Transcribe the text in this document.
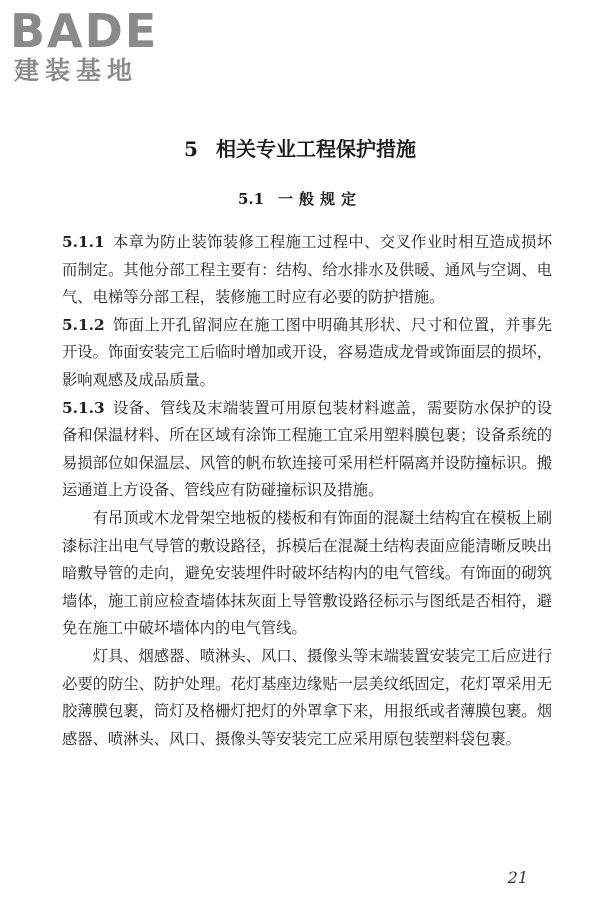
BADE
建装基地
5 相关专业工程保护措施
5.1 一般规定

5.1.1 本章为防止装饰装修工程施工过程中、交叉作业时相互造成损坏而制定。其他分部工程主要有：结构、给水排水及供暖、通风与空调、电气、电梯等分部工程，装修施工时应有必要的防护措施。

5.1.2 饰面上开孔留洞应在施工图中明确其形状、尺寸和位置，并事先开设。饰面安装完工后临时增加或开设，容易造成龙骨或饰面层的损坏，影响观感及成品质量。

5.1.3 设备、管线及末端装置可用原包装材料遮盖，需要防水保护的设备和保温材料、所在区域有涂饰工程施工宜采用塑料膜包裹；设备系统的易损部位如保温层、风管的帆布软连接可采用栏杆隔离并设防撞标识。搬运通道上方设备、管线应有防碰撞标识及措施。

有吊顶或木龙骨架空地板的楼板和有饰面的混凝土结构宜在模板上刷漆标注出电气导管的敷设路径，拆模后在混凝土结构表面应能清晰反映出暗敷导管的走向，避免安装埋件时破坏结构内的电气管线。有饰面的砌筑墙体，施工前应检查墙体抹灰面上导管敷设路径标示与图纸是否相符，避免在施工中破坏墙体内的电气管线。

灯具、烟感器、喷淋头、风口、摄像头等末端装置安装完工后应进行必要的防尘、防护处理。花灯基座边缘贴一层美纹纸固定，花灯罩采用无胶薄膜包裹，筒灯及格栅灯把灯的外罩拿下来，用报纸或者薄膜包裹。烟感器、喷淋头、风口、摄像头等安装完工应采用原包装塑料袋包裹。

21
